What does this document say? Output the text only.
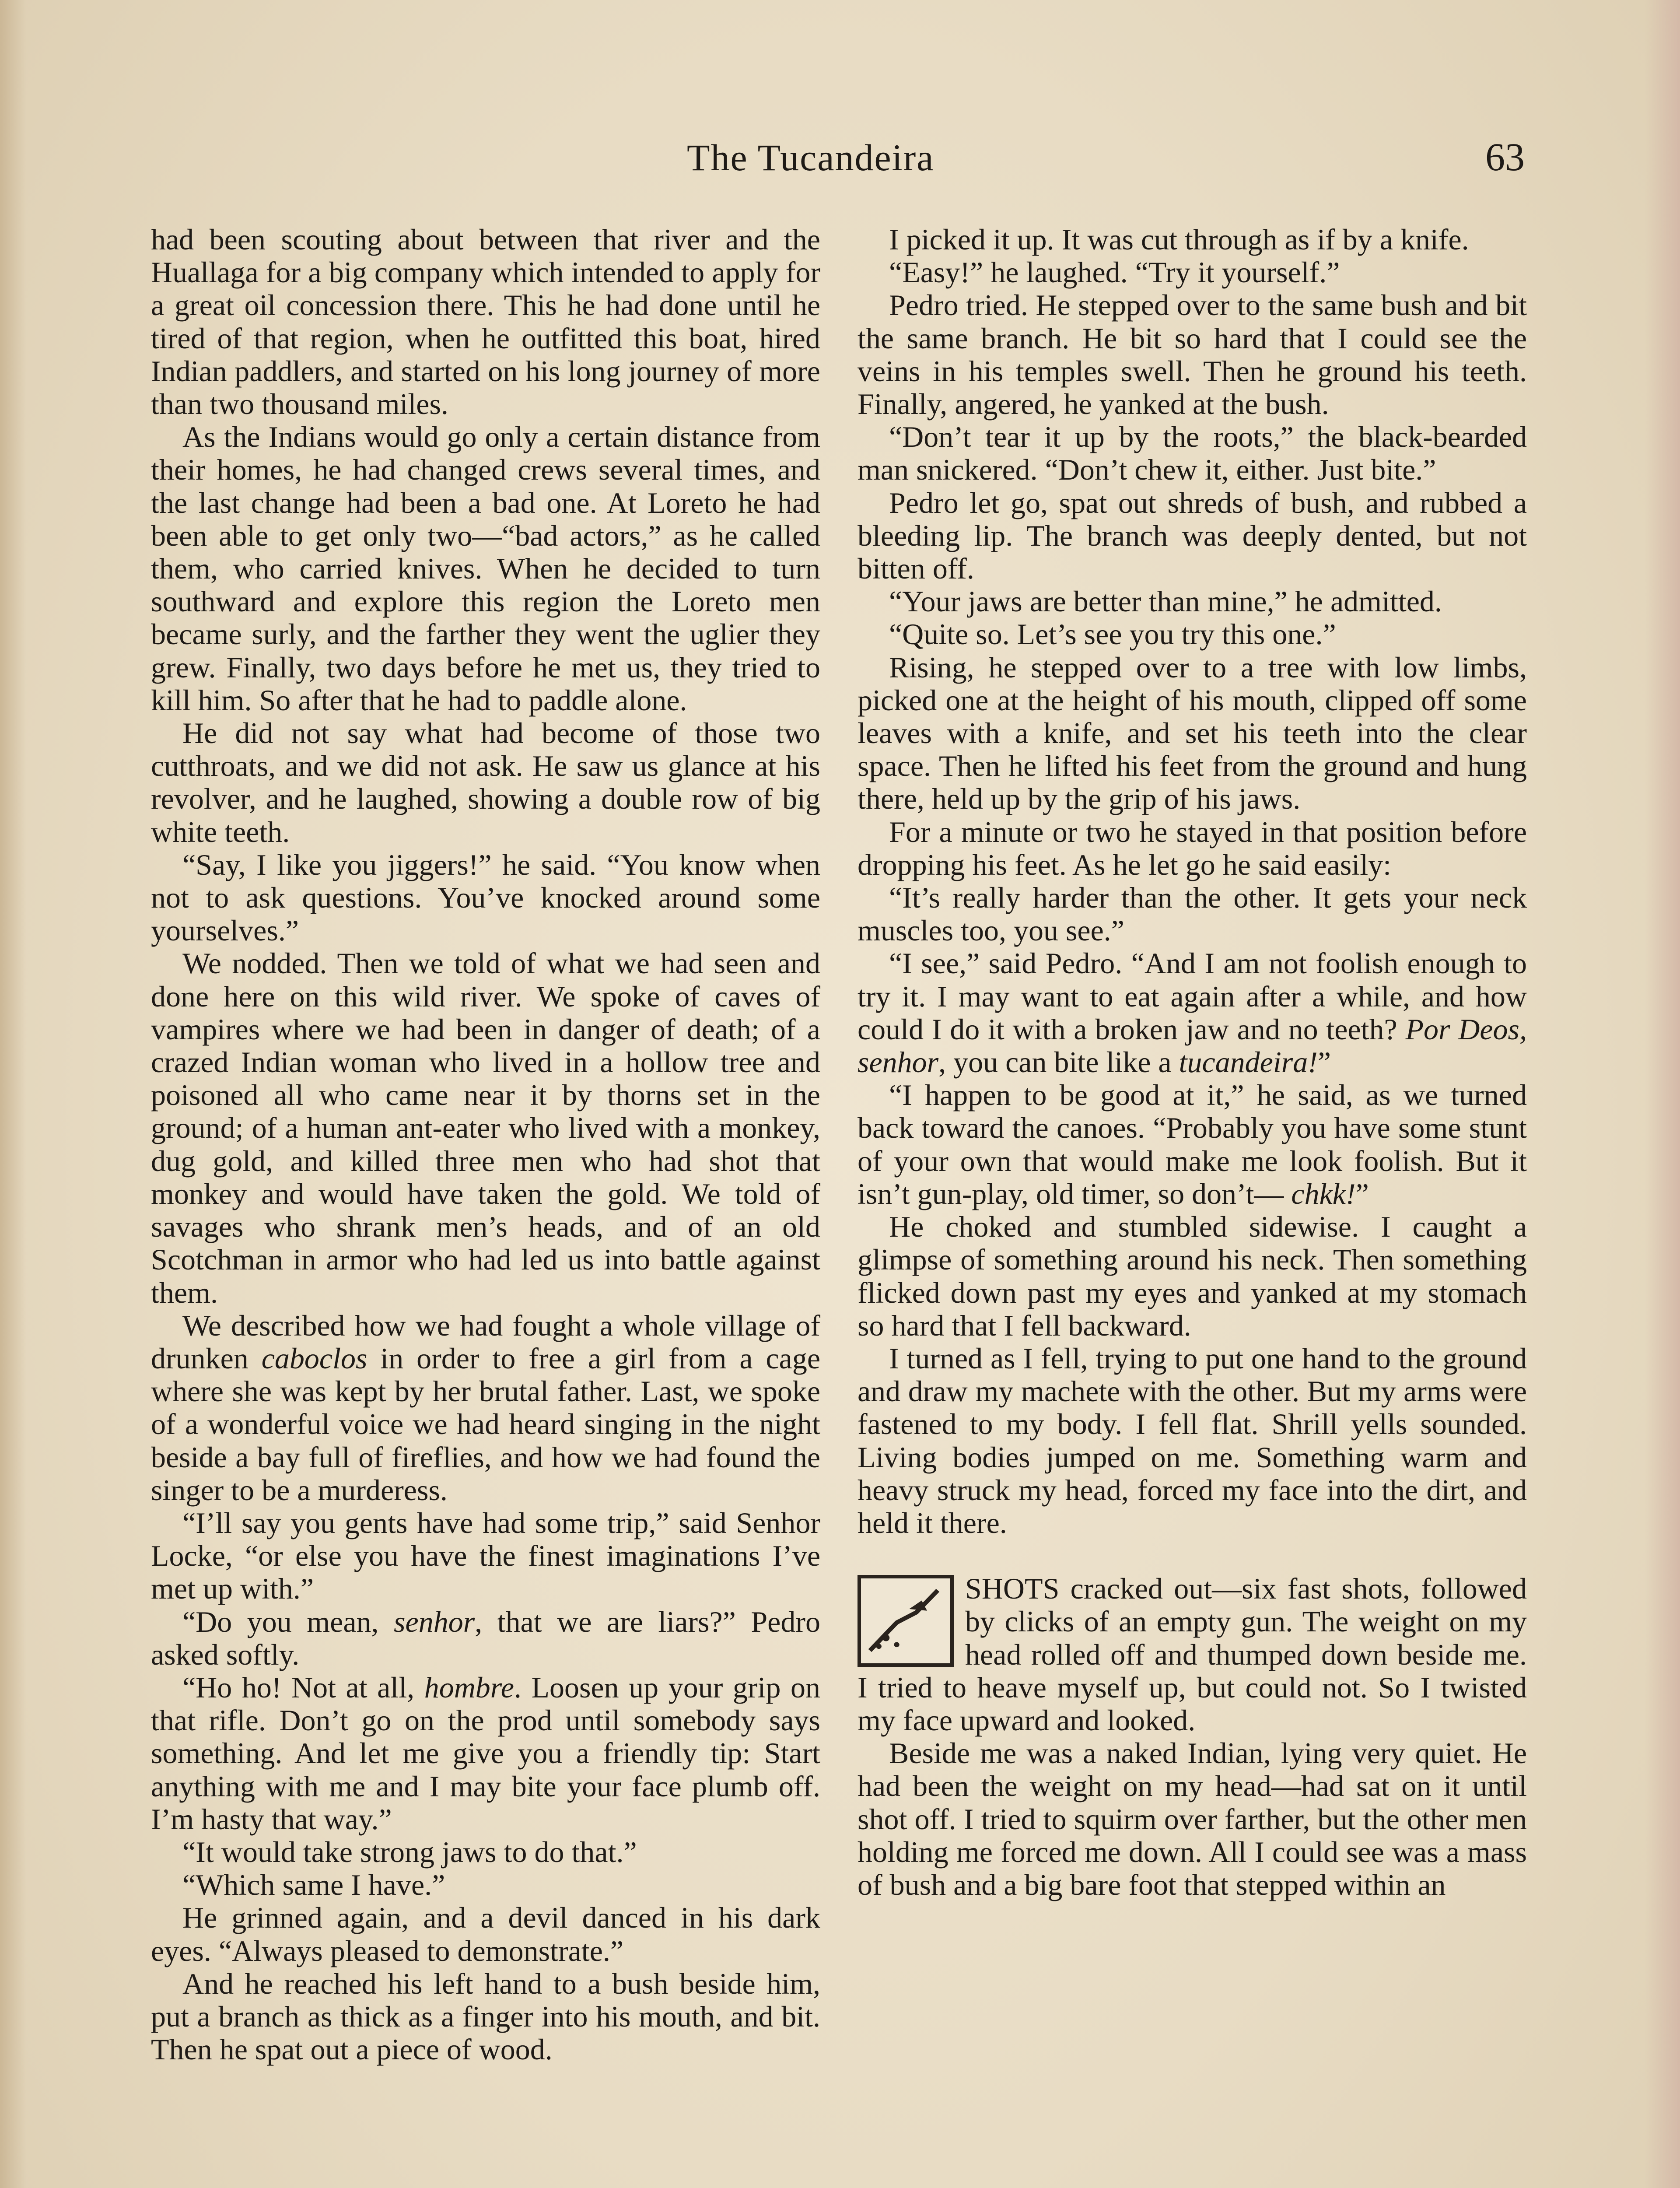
The Tucandeira	63

had been scouting about between that river and the Huallaga for a big company which intended to apply for a great oil concession there. This he had done until he tired of that region, when he outfitted this boat, hired Indian paddlers, and started on his long journey of more than two thousand miles.

As the Indians would go only a certain distance from their homes, he had changed crews several times, and the last change had been a bad one. At Loreto he had been able to get only two—“bad actors,” as he called them, who carried knives. When he decided to turn southward and explore this region the Loreto men became surly, and the farther they went the uglier they grew. Finally, two days before he met us, they tried to kill him. So after that he had to paddle alone.

He did not say what had become of those two cutthroats, and we did not ask. He saw us glance at his revolver, and he laughed, showing a double row of big white teeth.

“Say, I like you jiggers!” he said. “You know when not to ask questions. You’ve knocked around some yourselves.”

We nodded. Then we told of what we had seen and done here on this wild river. We spoke of caves of vampires where we had been in danger of death; of a crazed Indian woman who lived in a hollow tree and poisoned all who came near it by thorns set in the ground; of a human ant-eater who lived with a monkey, dug gold, and killed three men who had shot that monkey and would have taken the gold. We told of savages who shrank men’s heads, and of an old Scotchman in armor who had led us into battle against them.

We described how we had fought a whole village of drunken caboclos in order to free a girl from a cage where she was kept by her brutal father. Last, we spoke of a wonderful voice we had heard singing in the night beside a bay full of fireflies, and how we had found the singer to be a murderess.

“I’ll say you gents have had some trip,” said Senhor Locke, “or else you have the finest imaginations I’ve met up with.”

“Do you mean, senhor, that we are liars?” Pedro asked softly.

“Ho ho! Not at all, hombre. Loosen up your grip on that rifle. Don’t go on the prod until somebody says something. And let me give you a friendly tip: Start anything with me and I may bite your face plumb off. I’m hasty that way.”

“It would take strong jaws to do that.”

“Which same I have.”

He grinned again, and a devil danced in his dark eyes. “Always pleased to demonstrate.”

And he reached his left hand to a bush beside him, put a branch as thick as a finger into his mouth, and bit. Then he spat out a piece of wood.

I picked it up. It was cut through as if by a knife.

“Easy!” he laughed. “Try it yourself.”

Pedro tried. He stepped over to the same bush and bit the same branch. He bit so hard that I could see the veins in his temples swell. Then he ground his teeth. Finally, angered, he yanked at the bush.

“Don’t tear it up by the roots,” the black-bearded man snickered. “Don’t chew it, either. Just bite.”

Pedro let go, spat out shreds of bush, and rubbed a bleeding lip. The branch was deeply dented, but not bitten off.

“Your jaws are better than mine,” he admitted.

“Quite so. Let’s see you try this one.”

Rising, he stepped over to a tree with low limbs, picked one at the height of his mouth, clipped off some leaves with a knife, and set his teeth into the clear space. Then he lifted his feet from the ground and hung there, held up by the grip of his jaws.

For a minute or two he stayed in that position before dropping his feet. As he let go he said easily:

“It’s really harder than the other. It gets your neck muscles too, you see.”

“I see,” said Pedro. “And I am not foolish enough to try it. I may want to eat again after a while, and how could I do it with a broken jaw and no teeth? Por Deos, senhor, you can bite like a tucandeira!”

“I happen to be good at it,” he said, as we turned back toward the canoes. “Probably you have some stunt of your own that would make me look foolish. But it isn’t gun-play, old timer, so don’t— chkk!”

He choked and stumbled sidewise. I caught a glimpse of something around his neck. Then something flicked down past my eyes and yanked at my stomach so hard that I fell backward.

I turned as I fell, trying to put one hand to the ground and draw my machete with the other. But my arms were fastened to my body. I fell flat. Shrill yells sounded. Living bodies jumped on me. Something warm and heavy struck my head, forced my face into the dirt, and held it there.

SHOTS cracked out—six fast shots, followed by clicks of an empty gun. The weight on my head rolled off and thumped down beside me. I tried to heave myself up, but could not. So I twisted my face upward and looked.

Beside me was a naked Indian, lying very quiet. He had been the weight on my head—had sat on it until shot off. I tried to squirm over farther, but the other men holding me forced me down. All I could see was a mass of bush and a big bare foot that stepped within an
